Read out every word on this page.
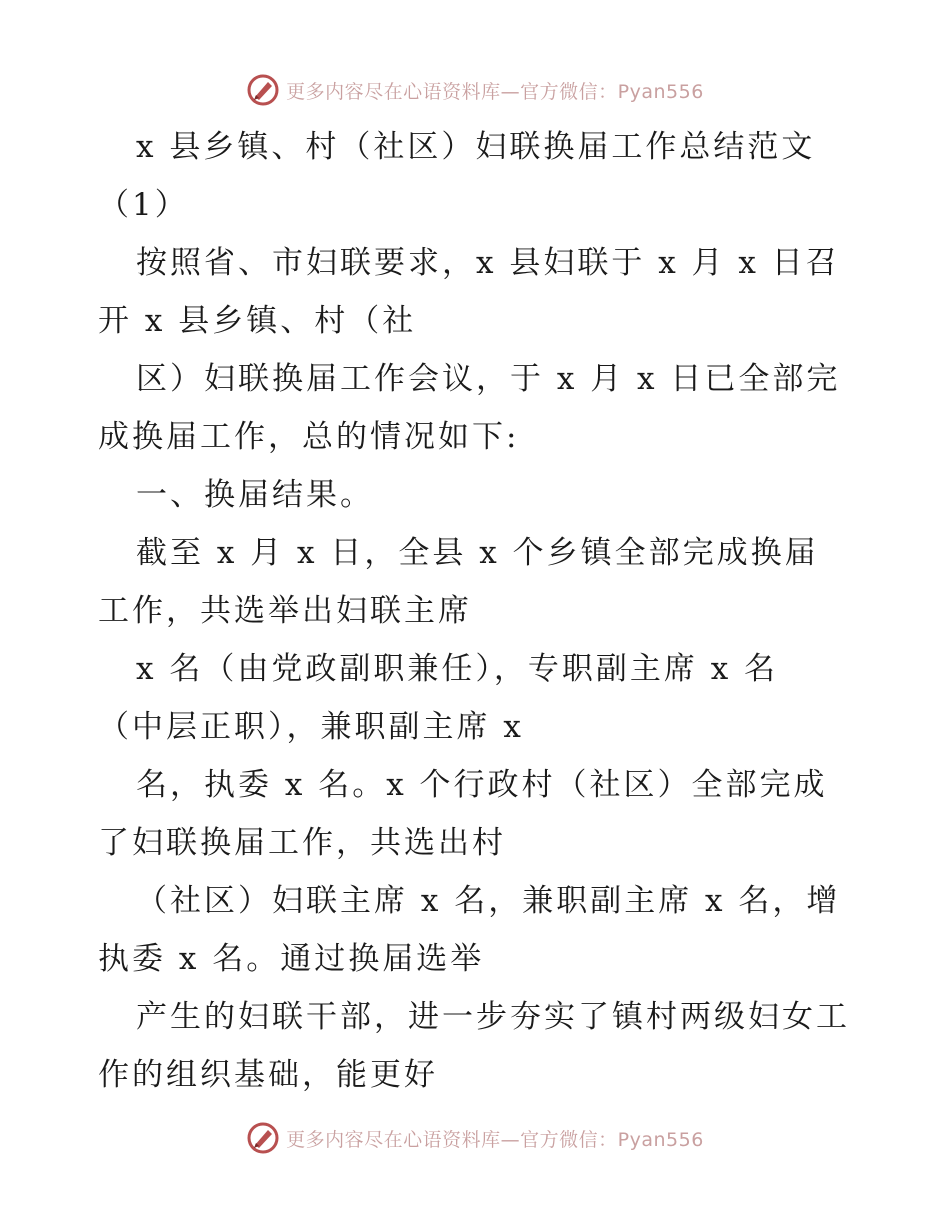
更多内容尽在心语资料库—官方微信：Pyan556
x 县乡镇、村（社区）妇联换届工作总结范文
（1）
按照省、市妇联要求，x 县妇联于 x 月 x 日召
开 x 县乡镇、村（社
区）妇联换届工作会议，于 x 月 x 日已全部完
成换届工作，总的情况如下:
一、换届结果。
截至 x 月 x 日，全县 x 个乡镇全部完成换届
工作，共选举出妇联主席
x 名（由党政副职兼任），专职副主席 x 名
（中层正职），兼职副主席 x
名，执委 x 名。x 个行政村（社区）全部完成
了妇联换届工作，共选出村
（社区）妇联主席 x 名，兼职副主席 x 名，增
执委 x 名。通过换届选举
产生的妇联干部，进一步夯实了镇村两级妇女工
作的组织基础，能更好
更多内容尽在心语资料库—官方微信：Pyan556
